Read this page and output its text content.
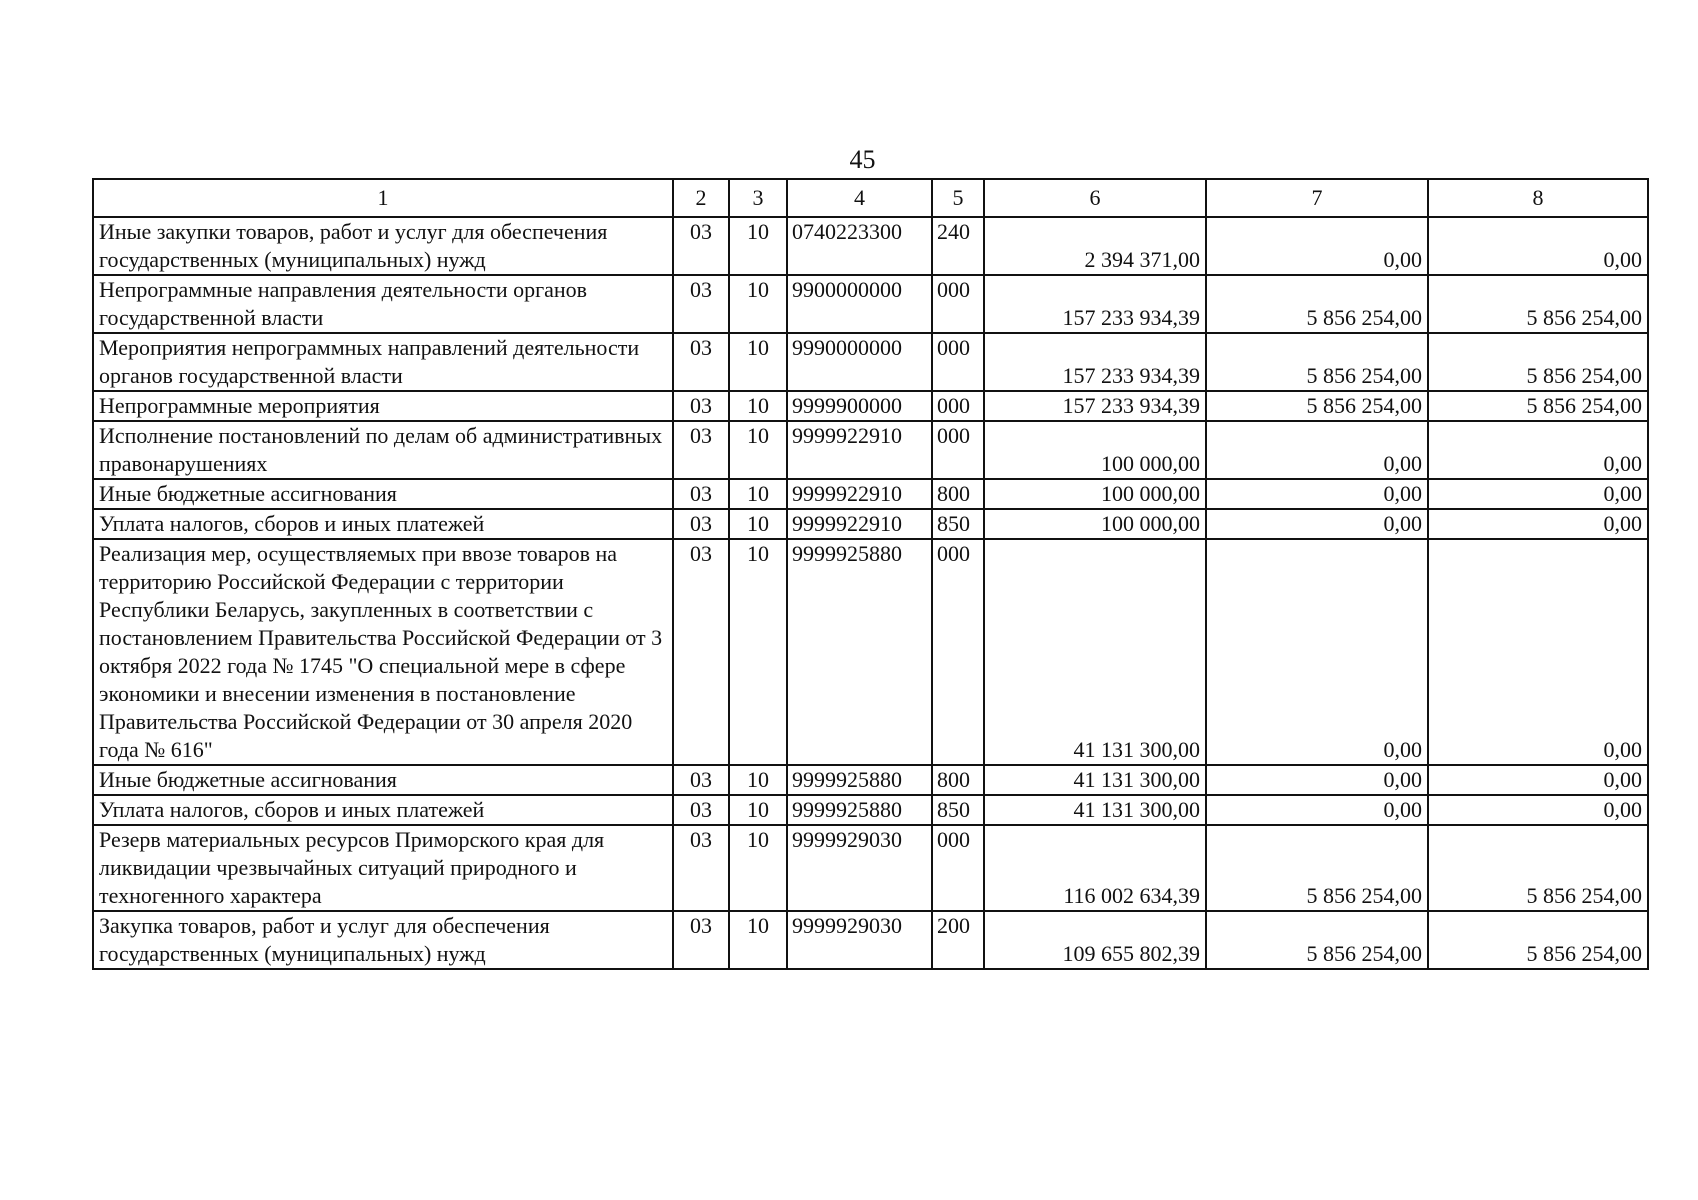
45
1	2	3	4	5	6	7	8
Иные закупки товаров, работ и услуг для обеспечения государственных (муниципальных) нужд	03	10	0740223300	240	2 394 371,00	0,00	0,00
Непрограммные направления деятельности органов государственной власти	03	10	9900000000	000	157 233 934,39	5 856 254,00	5 856 254,00
Мероприятия непрограммных направлений деятельности органов государственной власти	03	10	9990000000	000	157 233 934,39	5 856 254,00	5 856 254,00
Непрограммные мероприятия	03	10	9999900000	000	157 233 934,39	5 856 254,00	5 856 254,00
Исполнение постановлений по делам об административных правонарушениях	03	10	9999922910	000	100 000,00	0,00	0,00
Иные бюджетные ассигнования	03	10	9999922910	800	100 000,00	0,00	0,00
Уплата налогов, сборов и иных платежей	03	10	9999922910	850	100 000,00	0,00	0,00
Реализация мер, осуществляемых при ввозе товаров на территорию Российской Федерации с территории Республики Беларусь, закупленных в соответствии с постановлением Правительства Российской Федерации от 3 октября 2022 года № 1745 "О специальной мере в сфере экономики и внесении изменения в постановление Правительства Российской Федерации от 30 апреля 2020 года № 616"	03	10	9999925880	000	41 131 300,00	0,00	0,00
Иные бюджетные ассигнования	03	10	9999925880	800	41 131 300,00	0,00	0,00
Уплата налогов, сборов и иных платежей	03	10	9999925880	850	41 131 300,00	0,00	0,00
Резерв материальных ресурсов Приморского края для ликвидации чрезвычайных ситуаций природного и техногенного характера	03	10	9999929030	000	116 002 634,39	5 856 254,00	5 856 254,00
Закупка товаров, работ и услуг для обеспечения государственных (муниципальных) нужд	03	10	9999929030	200	109 655 802,39	5 856 254,00	5 856 254,00
